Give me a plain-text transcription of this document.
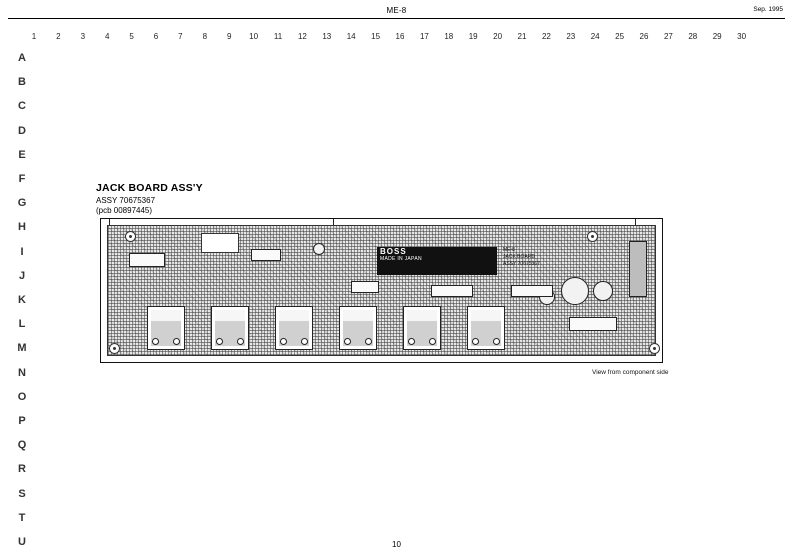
ME-8	Sep. 1995
1	2	3	4	5	6	7	8	9	10	11	12	13	14	15	16	17	18	19	20	21	22	23	24	25	26	27	28	29	30
A
B
C
D
E
F
G
H
I
J
K
L
M
N
O
P
Q
R
S
T
U
JACK BOARD ASS'Y
ASSY 70675367
(pcb 00897445)
BOSS
MADE IN JAPAN
ME-8
JACK BOARD
ASSY 70675367
View from component side
10
